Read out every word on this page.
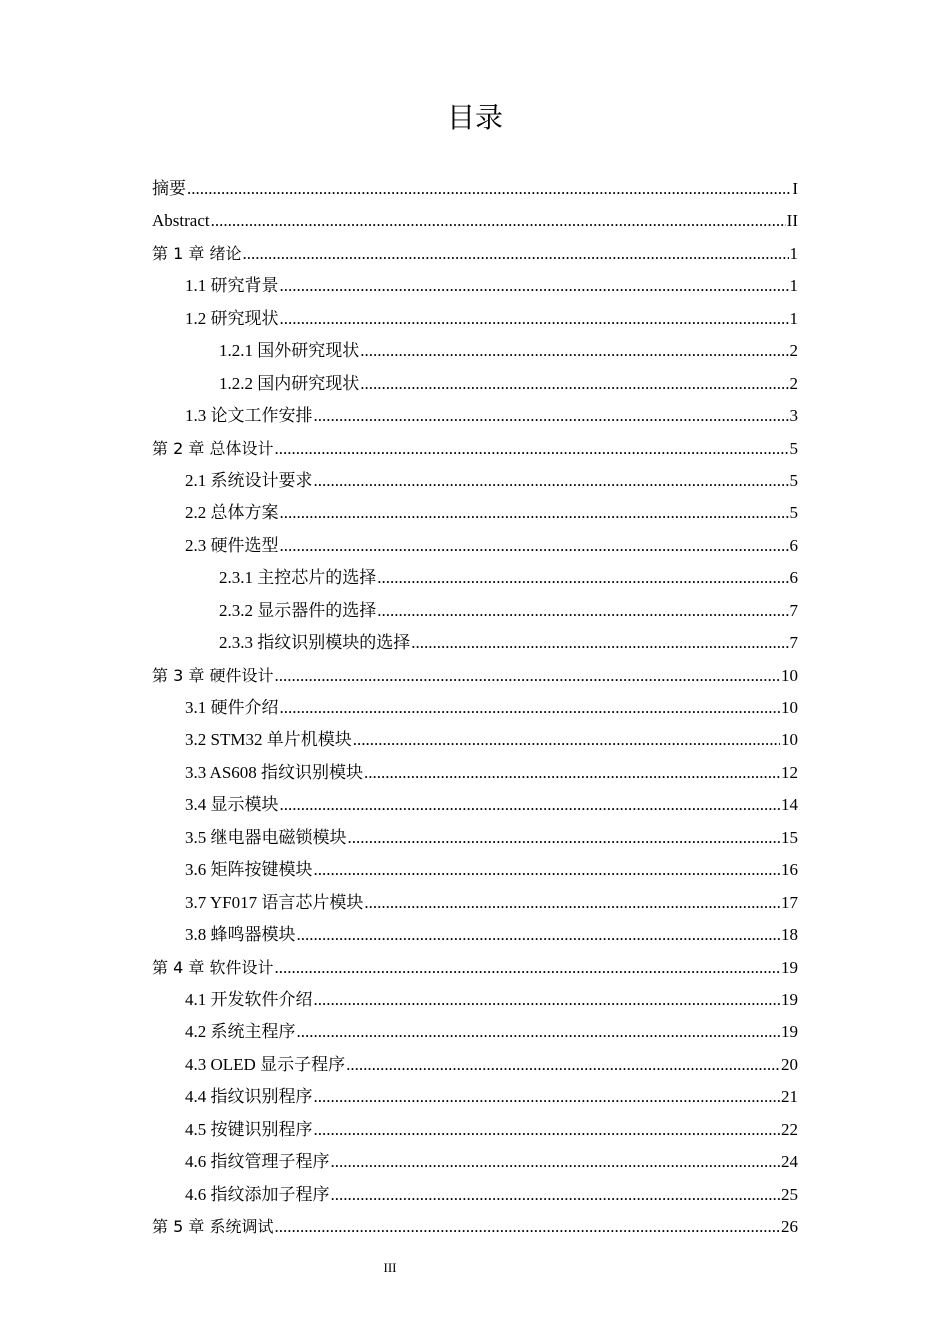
目录
摘要 .....	I
Abstract .....	II
第 1 章 绪论 .....	1
1.1 研究背景 .....	1
1.2 研究现状 .....	1
1.2.1 国外研究现状 .....	2
1.2.2 国内研究现状 .....	2
1.3 论文工作安排 .....	3
第 2 章 总体设计 .....	5
2.1 系统设计要求 .....	5
2.2 总体方案 .....	5
2.3 硬件选型 .....	6
2.3.1 主控芯片的选择 .....	6
2.3.2 显示器件的选择 .....	7
2.3.3 指纹识别模块的选择 .....	7
第 3 章 硬件设计 .....	10
3.1 硬件介绍 .....	10
3.2 STM32 单片机模块 .....	10
3.3 AS608 指纹识别模块 .....	12
3.4 显示模块 .....	14
3.5 继电器电磁锁模块 .....	15
3.6 矩阵按键模块 .....	16
3.7 YF017 语言芯片模块 .....	17
3.8 蜂鸣器模块 .....	18
第 4 章 软件设计 .....	19
4.1 开发软件介绍 .....	19
4.2 系统主程序 .....	19
4.3 OLED 显示子程序 .....	20
4.4 指纹识别程序 .....	21
4.5 按键识别程序 .....	22
4.6 指纹管理子程序 .....	24
4.6 指纹添加子程序 .....	25
第 5 章 系统调试 .....	26
III
